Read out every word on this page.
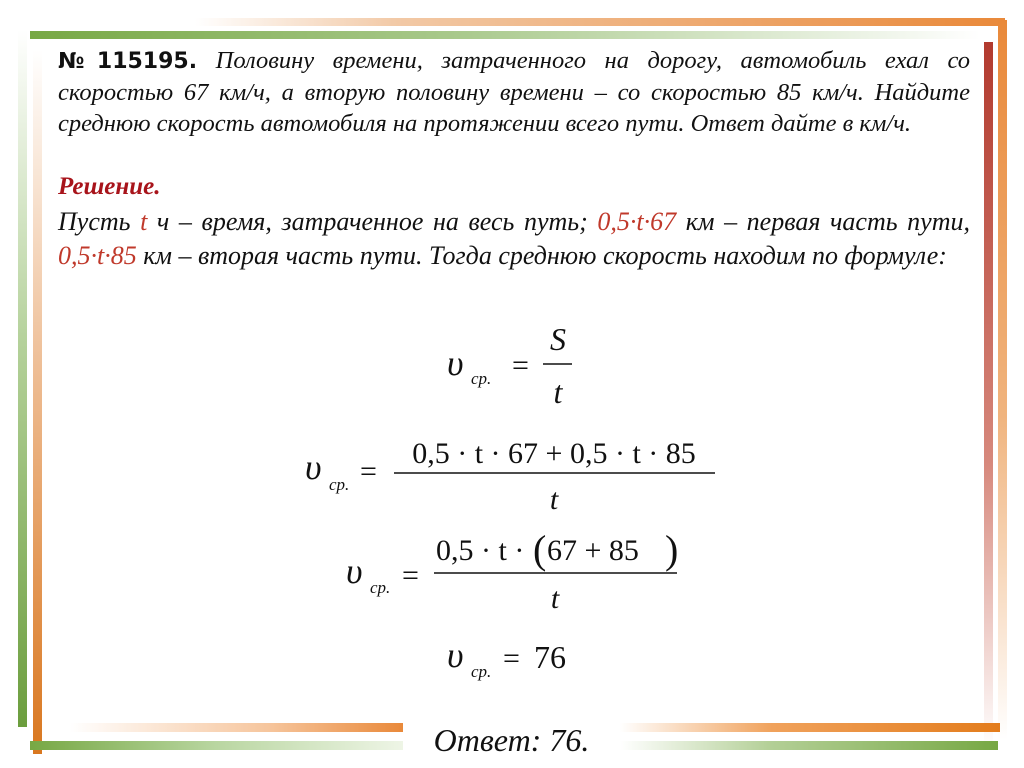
№115195. Половину времени, затраченного на дорогу, автомобиль ехал со скоростью 67 км/ч, а вторую половину времени – со скоростью 85 км/ч. Найдите среднюю скорость автомобиля на протяжении всего пути. Ответ дайте в км/ч.
Решение.
Пусть t ч – время, затраченное на весь путь; 0,5·t·67 км – первая часть пути, 0,5·t·85 км – вторая часть пути. Тогда среднюю скорость находим по формуле:
υ ср. =
S
t
υ ср. =
0,5 · t · 67 + 0,5 · t · 85
t
υ ср. =
0,5 · t · ( 67 + 85 )
t
υ ср. = 76
Ответ: 76.
